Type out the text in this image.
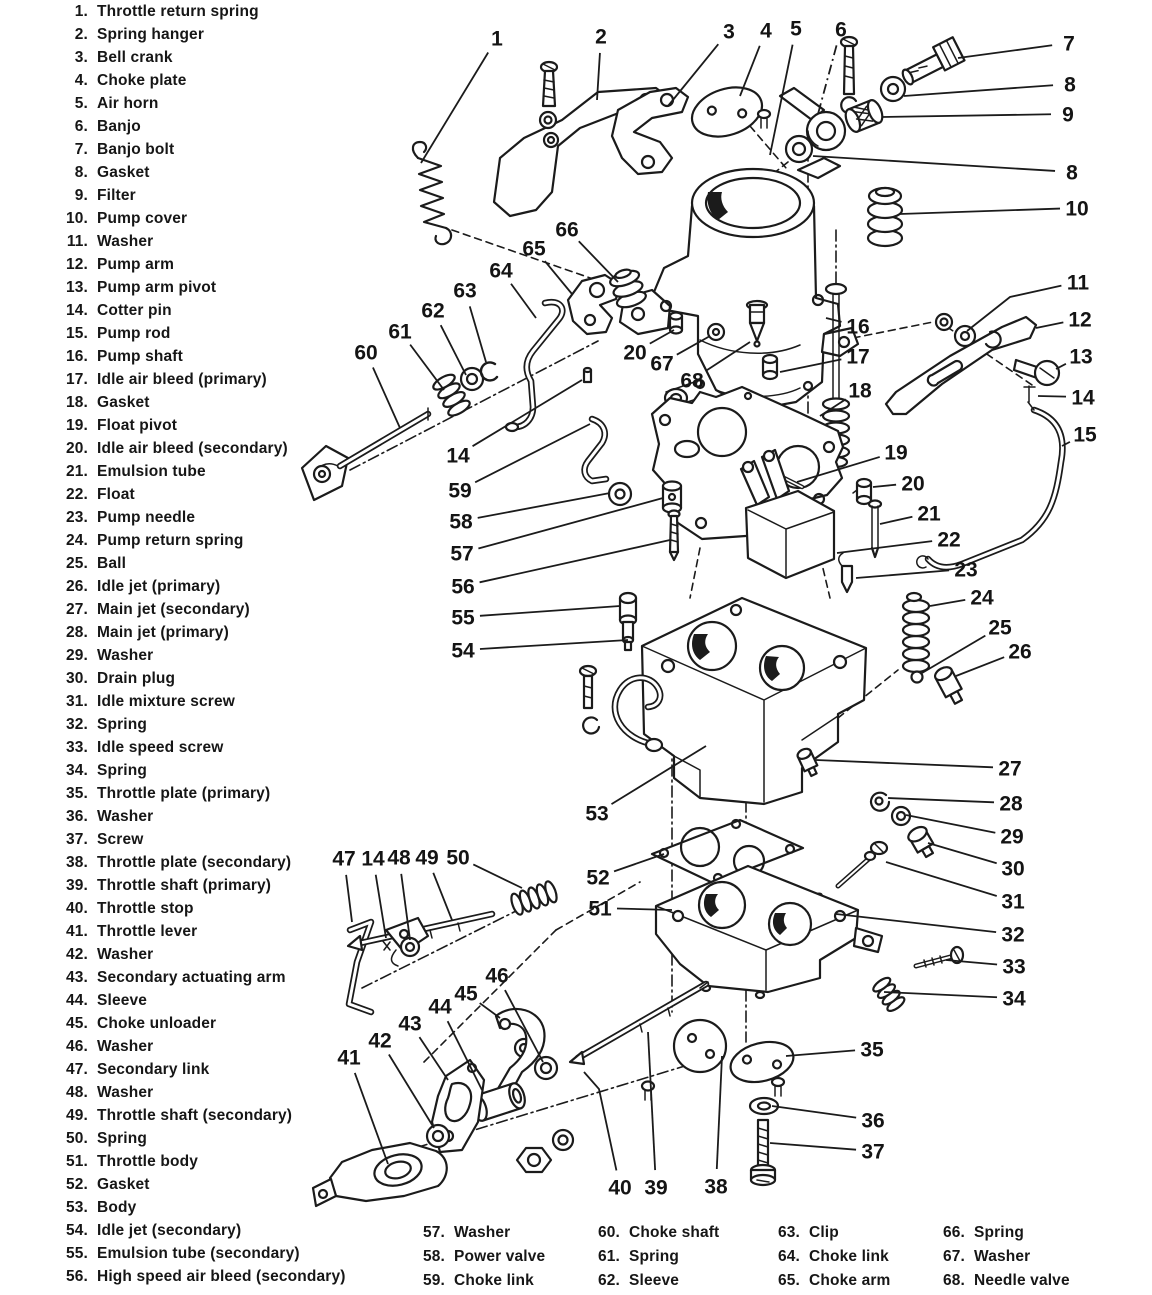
1. Throttle return spring
2. Spring hanger
3. Bell crank
4. Choke plate
5. Air horn
6. Banjo
7. Banjo bolt
8. Gasket
9. Filter
10. Pump cover
11. Washer
12. Pump arm
13. Pump arm pivot
14. Cotter pin
15. Pump rod
16. Pump shaft
17. Idle air bleed (primary)
18. Gasket
19. Float pivot
20. Idle air bleed (secondary)
21. Emulsion tube
22. Float
23. Pump needle
24. Pump return spring
25. Ball
26. Idle jet (primary)
27. Main jet (secondary)
28. Main jet (primary)
29. Washer
30. Drain plug
31. Idle mixture screw
32. Spring
33. Idle speed screw
34. Spring
35. Throttle plate (primary)
36. Washer
37. Screw
38. Throttle plate (secondary)
39. Throttle shaft (primary)
40. Throttle stop
41. Throttle lever
42. Washer
43. Secondary actuating arm
44. Sleeve
45. Choke unloader
46. Washer
47. Secondary link
48. Washer
49. Throttle shaft (secondary)
50. Spring
51. Throttle body
52. Gasket
53. Body
54. Idle jet (secondary)
55. Emulsion tube (secondary)
56. High speed air bleed (secondary)
57. Washer
58. Power valve
59. Choke link
60. Choke shaft
61. Spring
62. Sleeve
63. Clip
64. Choke link
65. Choke arm
66. Spring
67. Washer
68. Needle valve
1	2	3 4 5 6
7
8
9
8
10
11
12
13
14
15
16
17
18
19
20
21
22
23
24
25
26
27
28
29
30
31
32
33
34
35
36
37
38
39
40
41
42
43
44
45
46
47 14 48 49 50
51
52
53
54
55
56
57
58
59
60
61
62
63
64
65
66
20 67
68
14
